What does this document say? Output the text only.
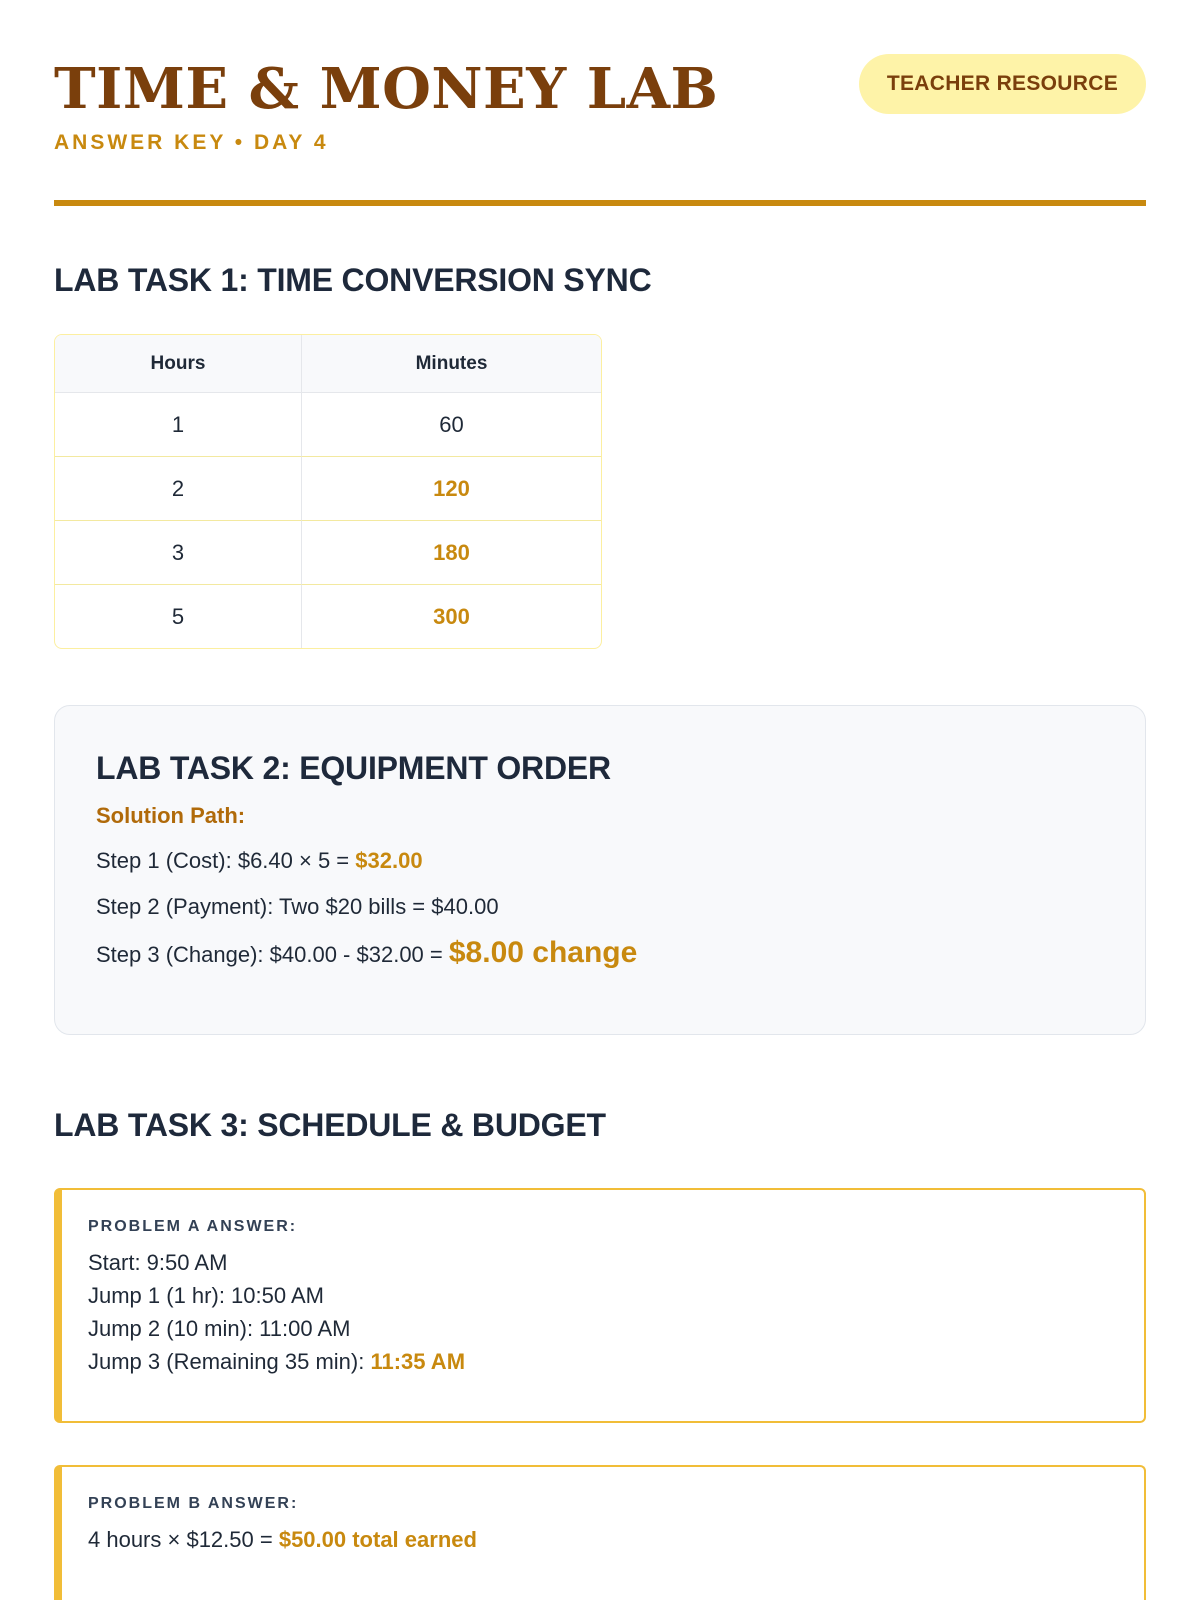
TIME & MONEY LAB
ANSWER KEY • DAY 4
TEACHER RESOURCE
LAB TASK 1: TIME CONVERSION SYNC
Hours	Minutes
1	60
2	120
3	180
5	300
LAB TASK 2: EQUIPMENT ORDER
Solution Path:
Step 1 (Cost): $6.40 × 5 = $32.00
Step 2 (Payment): Two $20 bills = $40.00
Step 3 (Change): $40.00 - $32.00 = $8.00 change
LAB TASK 3: SCHEDULE & BUDGET
PROBLEM A ANSWER:
Start: 9:50 AM
Jump 1 (1 hr): 10:50 AM
Jump 2 (10 min): 11:00 AM
Jump 3 (Remaining 35 min): 11:35 AM
PROBLEM B ANSWER:
4 hours × $12.50 = $50.00 total earned
